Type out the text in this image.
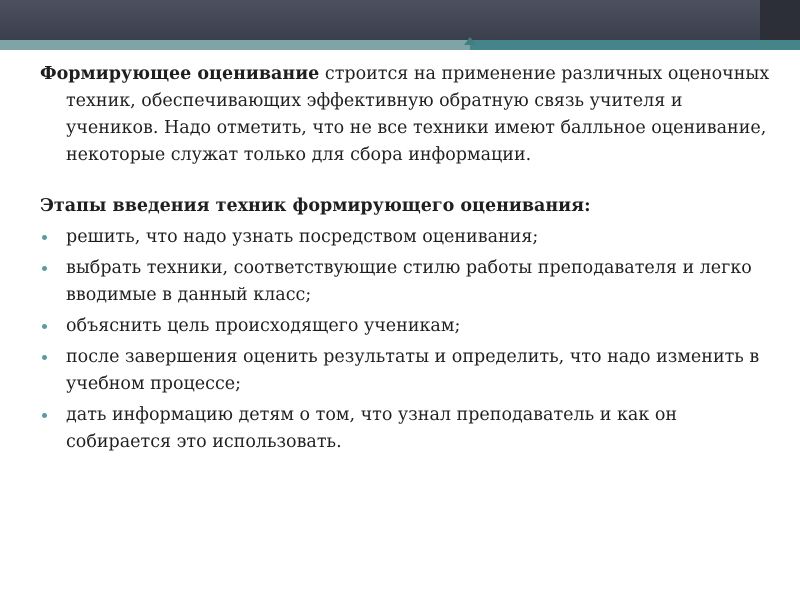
Формирующее оценивание строится на применение различных оценочных техник, обеспечивающих эффективную обратную связь учителя и учеников. Надо отметить, что не все техники имеют балльное оценивание, некоторые служат только для сбора информации.

Этапы введения техник формирующего оценивания:

решить, что надо узнать посредством оценивания;
выбрать техники, соответствующие стилю работы преподавателя и легко вводимые в данный класс;
объяснить цель происходящего ученикам;
после завершения оценить результаты и определить, что надо изменить в учебном процессе;
дать информацию детям о том, что узнал преподаватель и как он собирается это использовать.
